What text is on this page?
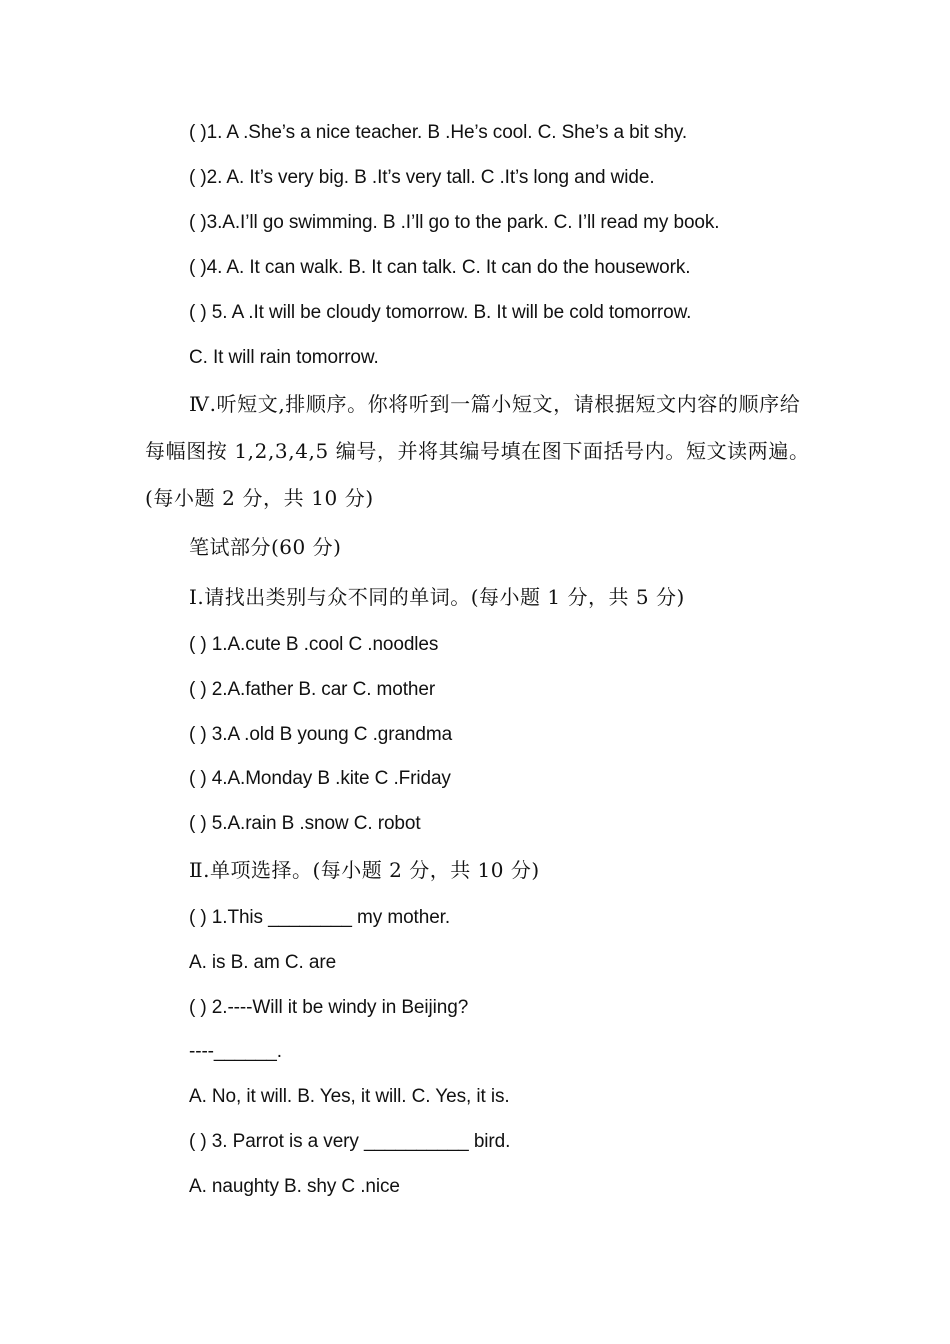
( )1. A .She’s a nice teacher. B .He’s cool. C. She’s a bit shy.
( )2. A. It’s very big. B .It’s very tall. C .It’s long and wide.
( )3.A.I’ll go swimming. B .I’ll go to the park. C. I’ll read my book.
( )4. A. It can walk. B. It can talk. C. It can do the housework.
( ) 5. A .It will be cloudy tomorrow. B. It will be cold tomorrow.
C. It will rain tomorrow.
Ⅳ.听短文,排顺序。你将听到一篇小短文，请根据短文内容的顺序给每幅图按 1,2,3,4,5 编号，并将其编号填在图下面括号内。短文读两遍。(每小题 2 分，共 10 分)
笔试部分(60 分)
I.请找出类别与众不同的单词。(每小题 1 分，共 5 分)
( ) 1.A.cute B .cool C .noodles
( ) 2.A.father B. car C. mother
( ) 3.A .old B young C .grandma
( ) 4.A.Monday B .kite C .Friday
( ) 5.A.rain B .snow C. robot
Ⅱ.单项选择。(每小题 2 分，共 10 分)
( ) 1.This ________ my mother.
A. is B. am C. are
( ) 2.----Will it be windy in Beijing?
----______.
A. No, it will. B. Yes, it will. C. Yes, it is.
( ) 3. Parrot is a very __________ bird.
A. naughty B. shy C .nice
